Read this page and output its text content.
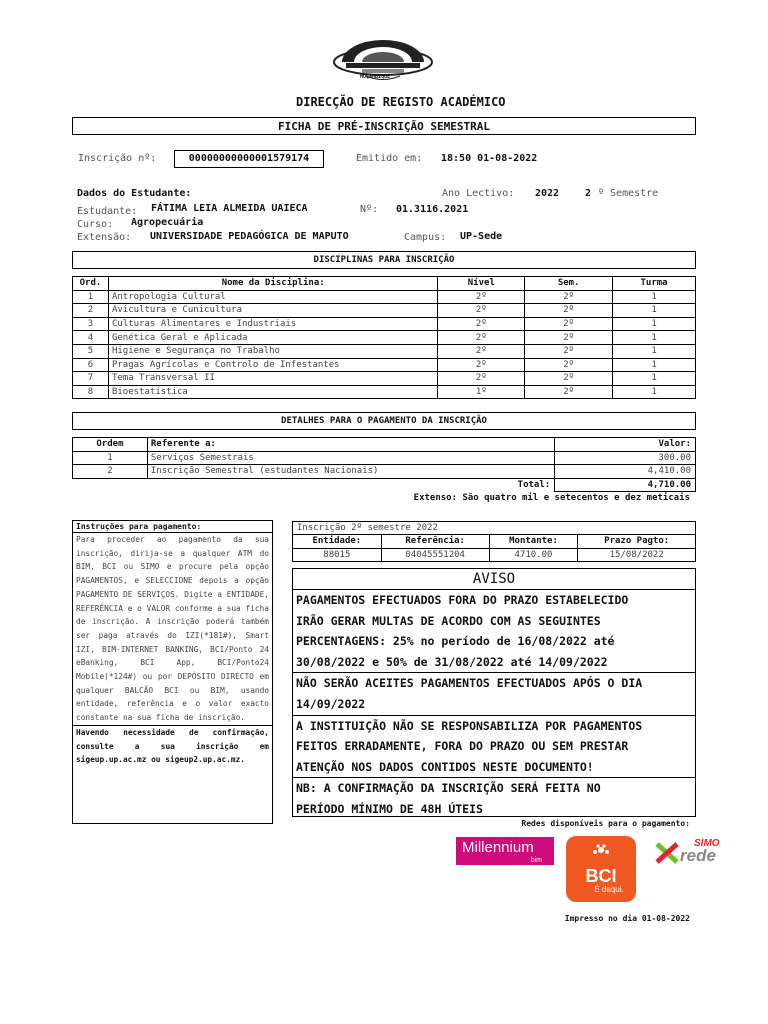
MOÇAMBIQUE
DIRECÇÃO DE REGISTO ACADÉMICO
FICHA DE PRÉ-INSCRIÇÃO SEMESTRAL
Inscrição nº:	00000000000001579174	Emitido em: 18:50 01-08-2022
Dados do Estudante:	Ano Lectivo: 2022	2 º Semestre
Estudante: FÁTIMA LEIA ALMEIDA UAIECA	Nº: 01.3116.2021
Curso: Agropecuária
Extensão: UNIVERSIDADE PEDAGÓGICA DE MAPUTO	Campus: UP-Sede
DISCIPLINAS PARA INSCRIÇÃO
Ord.	Nome da Disciplina:	Nível	Sem.	Turma
1	Antropologia Cultural	2º	2º	1
2	Avicultura e Cunicultura	2º	2º	1
3	Culturas Alimentares e Industriais	2º	2º	1
4	Genética Geral e Aplicada	2º	2º	1
5	Higiene e Segurança no Trabalho	2º	2º	1
6	Pragas Agrícolas e Controlo de Infestantes	2º	2º	1
7	Tema Transversal II	2º	2º	1
8	Bioestatística	1º	2º	1
DETALHES PARA O PAGAMENTO DA INSCRIÇÃO
Ordem	Referente a:	Valor:
1	Serviços Semestrais	300.00
2	Inscrição Semestral (estudantes Nacionais)	4,410.00
	Total:	4,710.00
Extenso: São quatro mil e setecentos e dez meticais
Instruções para pagamento:
Para proceder ao pagamento da sua inscrição, dirija-se a qualquer ATM do BIM, BCI ou SIMO e procure pela opção PAGAMENTOS, e SELECCIONE depois a opção PAGAMENTO DE SERVIÇOS. Digite a ENTIDADE, REFERÊNCIA e o VALOR conforme a sua ficha de inscrição. A inscrição poderá também ser paga através do IZI(*181#), Smart IZI, BIM-INTERNET BANKING, BCI/Ponto 24 eBanking, BCI App, BCI/Ponto24 Mobile(*124#) ou por DEPÓSITO DIRECTO em qualquer BALCÃO BCI ou BIM, usando entidade, referência e o valor exacto constante na sua ficha de inscrição.
Havendo necessidade de confirmação, consulte a sua inscrição em sigeup.up.ac.mz ou sigeup2.up.ac.mz.
Inscrição 2º semestre 2022			
Entidade:	Referência:	Montante:	Prazo Pagto:
88015	04045551204	4710.00	15/08/2022
AVISO
PAGAMENTOS EFECTUADOS FORA DO PRAZO ESTABELECIDO
IRÃO GERAR MULTAS DE ACORDO COM AS SEGUINTES
PERCENTAGENS: 25% no período de 16/08/2022 até
30/08/2022 e 50% de 31/08/2022 até 14/09/2022
NÃO SERÃO ACEITES PAGAMENTOS EFECTUADOS APÓS O DIA
14/09/2022
A INSTITUIÇÃO NÃO SE RESPONSABILIZA POR PAGAMENTOS
FEITOS ERRADAMENTE, FORA DO PRAZO OU SEM PRESTAR
ATENÇÃO NOS DADOS CONTIDOS NESTE DOCUMENTO!
NB: A CONFIRMAÇÃO DA INSCRIÇÃO SERÁ FEITA NO
PERÍODO MÍNIMO DE 48H ÚTEIS
Redes disponíveis para o pagamento:
Millennium
bim
BCI
É daqui.
SIMO
rede
Impresso no dia 01-08-2022
